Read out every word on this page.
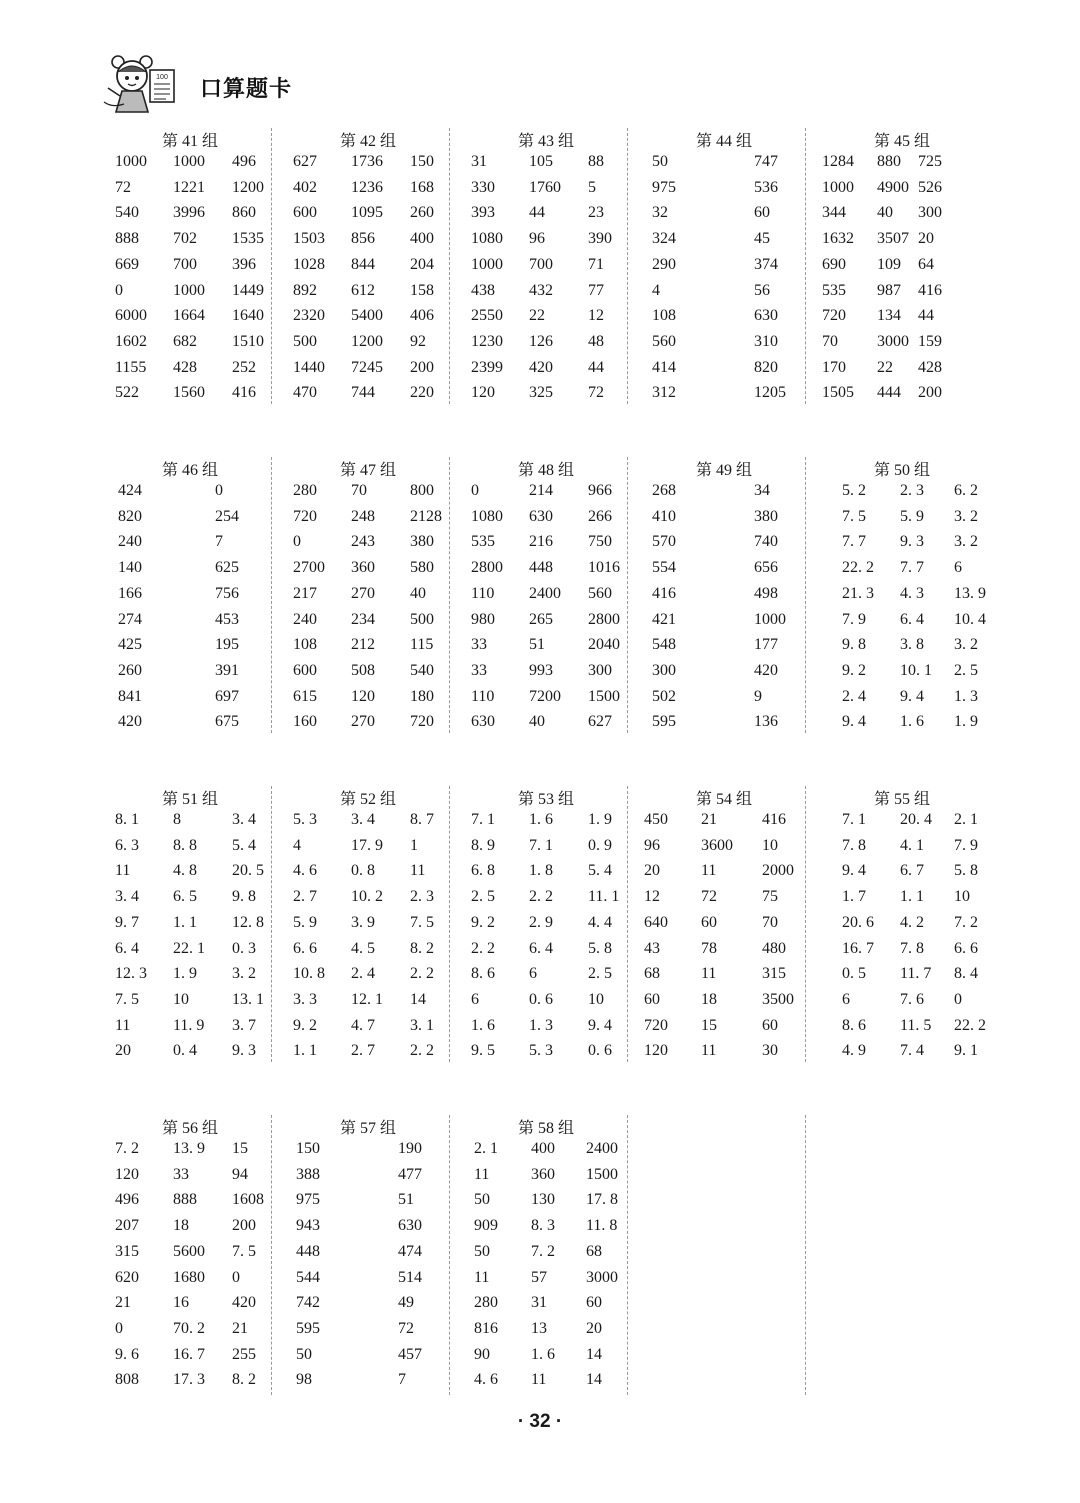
100 口算题卡
第 41 组
1000 1000 496
72	1221 1200
540 3996 860
888 702 1535
669 700 396
0	1000 1449
6000 1664 1640
1602 682 1510
1155 428 252
522 1560 416
第 42 组
627 1736 150
402 1236 168
600 1095 260
1503 856 400
1028 844 204
892 612 158
2320 5400 406
500 1200 92
1440 7245 200
470 744 220
第 43 组
31	105 88
330 1760 5
393 44	23
1080 96	390
1000 700 71
438 432 77
2550 22	12
1230 126 48
2399 420 44
120 325 72
第 44 组
50	747
975	536
32	60
324	45
290	374
4	56
108	630
560	310
414	820
312	1205
第 45 组
1284 880 725
1000 4900 526
344 40 300
1632 3507 20
690 109 64
535 987 416
720 134 44
70 3000 159
170 22 428
1505 444 200
第 46 组
424	0
820	254
240	7
140	625
166	756
274	453
425	195
260	391
841	697
420	675
第 47 组
280 70	800
720 248 2128
0	243 380
2700 360 580
217 270 40
240 234 500
108 212 115
600 508 540
615 120 180
160 270 720
第 48 组
0	214 966
1080 630 266
535 216 750
2800 448 1016
110 2400 560
980 265 2800
33	51	2040
33	993 300
110 7200 1500
630 40	627
第 49 组
268	34
410	380
570	740
554	656
416	498
421	1000
548	177
300	420
502	9
595	136
第 50 组
5. 2 2. 3 6. 2
7. 5 5. 9 3. 2
7. 7 9. 3 3. 2
22. 2 7. 7 6
21. 3 4. 3 13. 9
7. 9 6. 4 10. 4
9. 8 3. 8 3. 2
9. 2 10. 1 2. 5
2. 4 9. 4 1. 3
9. 4 1. 6 1. 9
第 51 组
8. 1 8	3. 4
6. 3 8. 8 5. 4
11	4. 8 20. 5
3. 4 6. 5 9. 8
9. 7 1. 1 12. 8
6. 4 22. 1 0. 3
12. 3 1. 9 3. 2
7. 5 10	13. 1
11	11. 9 3. 7
20	0. 4 9. 3
第 52 组
5. 3 3. 4 8. 7
4	17. 9 1
4. 6 0. 8 11
2. 7 10. 2 2. 3
5. 9 3. 9 7. 5
6. 6 4. 5 8. 2
10. 8 2. 4 2. 2
3. 3 12. 1 14
9. 2 4. 7 3. 1
1. 1 2. 7 2. 2
第 53 组
7. 1 1. 6 1. 9
8. 9 7. 1 0. 9
6. 8 1. 8 5. 4
2. 5 2. 2 11. 1
9. 2 2. 9 4. 4
2. 2 6. 4 5. 8
8. 6 6	2. 5
6	0. 6 10
1. 6 1. 3 9. 4
9. 5 5. 3 0. 6
第 54 组
450 21	416
96	3600 10
20	11	2000
12	72	75
640 60	70
43	78	480
68	11	315
60	18	3500
720 15	60
120 11	30
第 55 组
7. 1 20. 4 2. 1
7. 8 4. 1 7. 9
9. 4 6. 7 5. 8
1. 7 1. 1 10
20. 6 4. 2 7. 2
16. 7 7. 8 6. 6
0. 5 11. 7 8. 4
6	7. 6 0
8. 6 11. 5 22. 2
4. 9 7. 4 9. 1
第 56 组
7. 2 13. 9 15
120 33	94
496 888 1608
207 18	200
315 5600 7. 5
620 1680 0
21	16	420
0	70. 2 21
9. 6 16. 7 255
808 17. 3 8. 2
第 57 组
150	190
388	477
975	51
943	630
448	474
544	514
742	49
595	72
50	457
98	7
第 58 组
2. 1 400 2400
11	360 1500
50	130 17. 8
909 8. 3 11. 8
50	7. 2 68
11	57 3000
280 31 60
816 13 20
90	1. 6 14
4. 6 11 14
· 32 ·
